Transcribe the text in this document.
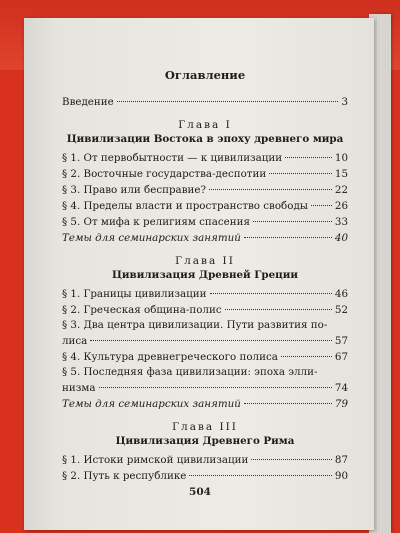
Оглавление
Введение	3
Глава I
Цивилизации Востока в эпоху древнего мира
§ 1. От первобытности — к цивилизации	10
§ 2. Восточные государства-деспотии	15
§ 3. Право или бесправие?	22
§ 4. Пределы власти и пространство свободы	26
§ 5. От мифа к религиям спасения	33
Темы для семинарских занятий	40
Глава II
Цивилизация Древней Греции
§ 1. Границы цивилизации	46
§ 2. Греческая община-полис	52
§ 3. Два центра цивилизации. Пути развития по-
лиса	57
§ 4. Культура древнегреческого полиса	67
§ 5. Последняя фаза цивилизации: эпоха элли-
низма	74
Темы для семинарских занятий	79
Глава III
Цивилизация Древнего Рима
§ 1. Истоки римской цивилизации	87
§ 2. Путь к республике	90
504
